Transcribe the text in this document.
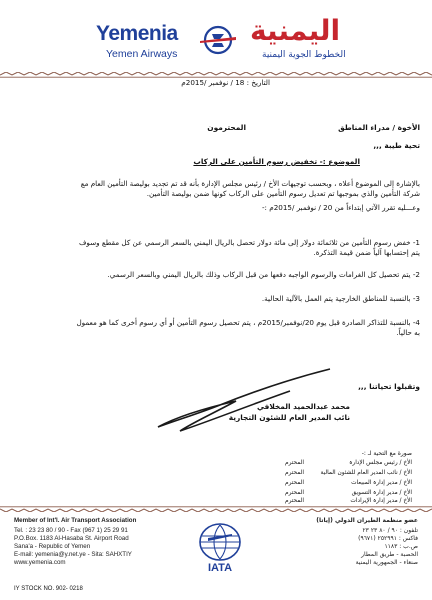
Yemenia
Yemen Airways
اليمنية
الخطوط الجوية اليمنية
التاريخ : 18 / نوفمبر /2015م
الأخوة / مدراء المناطق
المحترمون
تحية طيبة ,,,
الموضوع :- تخفيض رسوم التأمين على الركاب
بالإشارة إلى الموضوع أعلاه ، وبحسب توجيهات الأخ / رئيس مجلس الإدارة بأنه قد تم تجديد بوليصة التأمين العام مع
شركة التأمين والذي بموجبها تم تعديل رسوم التأمين على الركاب كونها ضمن بوليصة التأمين.
وعـــليه تقرر الآتي إبتداءاً من 20 / نوفمبر /2015م :-
1- خفض رسوم التأمين من ثلاثمائة دولار إلى مائة دولار تحصل بالريال اليمني بالسعر الرسمي عن كل مقطع وسوف
يتم إحتسابها آلياً ضمن قيمة التذكرة.
2- يتم تحصيل كل الغرامات والرسوم الواجبه دفعها من قبل الركاب وذلك بالريال اليمني وبالسعر الرسمي.
3- بالنسبة للمناطق الخارجية يتم العمل بالآلية الحالية.
4- بالنسبة للتذاكر الصادرة قبل يوم 20/نوفمبر/2015م ، يتم تحصيل رسوم التأمين أو أي رسوم أخرى كما هو معمول
به حالياً.
وتقبلوا تحياتنا ,,,
محمد عبدالحميد المخلافي
نائب المدير العام للشئون التجارية
صورة مع التحية لـ :-
الأخ / رئيس مجلس الإدارة
المحترم
الأخ / نائب المدير العام للشئون المالية
المحترم
الأخ / مدير إدارة المبيعات
المحترم
الأخ / مدير إدارة التسويق
المحترم
الأخ / مدير إدارة الإيرادات
المحترم
Member of Int'l. Air Transport Association
Tel. : 23 23 80 / 90 - Fax (967 1) 25 29 91
P.O.Box. 1183 Al-Hasaba St. Airport Road
Sana'a - Republic of Yemen
E-mail: yemenia@y.net.ye - Sita: SAHXTIY
www.yemenia.com	IATA
عضو منظمة الطيران الدولي (إياتا)
تلفون : ٩٠ / ٨٠ ٢٣ ٢٣
فاكس : ٢٥٢٩٩١ (٩٦٧١)
ص.ب : ١١٨٣
الحصبة - طريق المطار
صنعاء - الجمهورية اليمنية
IY STOCK NO. 902- 0218
